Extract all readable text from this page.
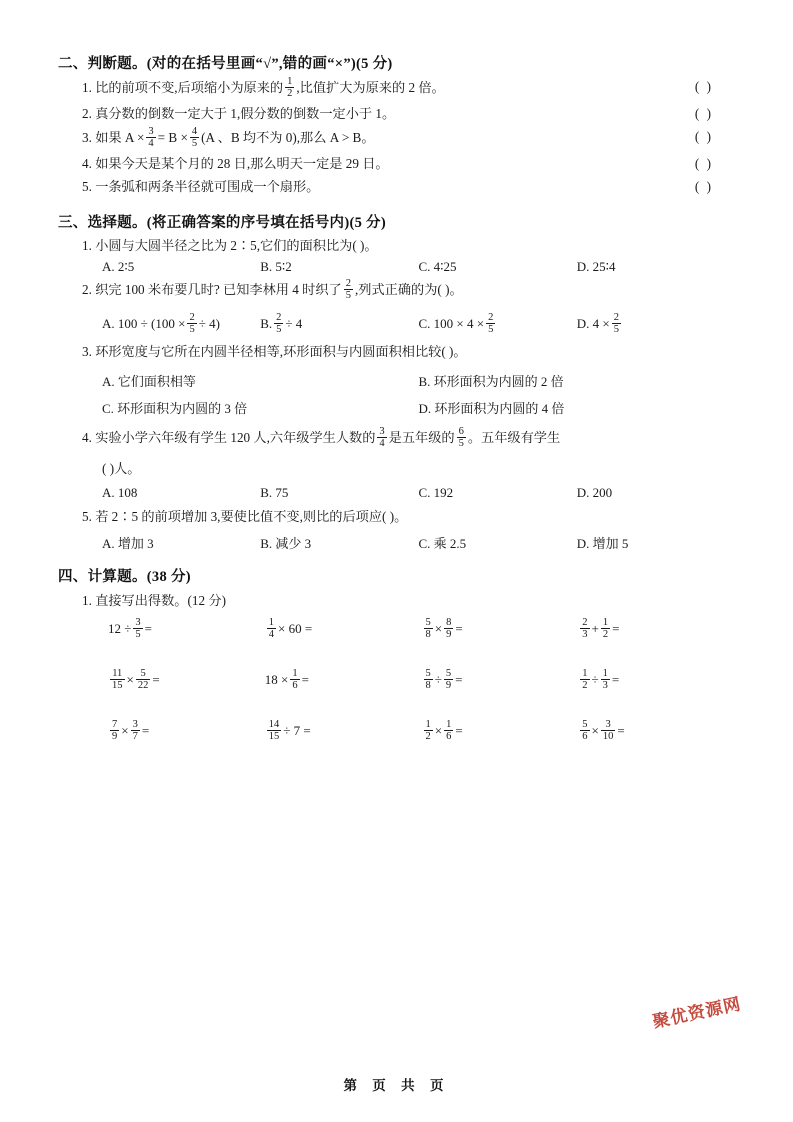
二、判断题。(对的在括号里画“√”,错的画“×”)(5 分)
1. 比的前项不变,后项缩小为原来的 $\frac{1}{2}$ ,比值扩大为原来的 2 倍。	( )
2. 真分数的倒数一定大于 1,假分数的倒数一定小于 1。	( )
3. 如果 $A \times \frac{3}{4} = B \times \frac{4}{5} (A$ 、B 均不为 0),那么 A > B。	( )
4. 如果今天是某个月的 28 日,那么明天一定是 29 日。	( )
5. 一条弧和两条半径就可围成一个扇形。	( )
三、选择题。(将正确答案的序号填在括号内)(5 分)
1. 小圆与大圆半径之比为 2∶5,它们的面积比为( )。
A. 2∶5	B. 5∶2	C. 4∶25	D. 25∶4
2. 织完 100 米布要几时? 已知李林用 4 时织了 $\frac{2}{5}$ ,列式正确的为( )。
A. $100 \div (100 \times \frac{2}{5} \div 4)$	B. $\frac{2}{5} \div 4$	C. $100 \times 4 \times \frac{2}{5}$	D. $4 \times \frac{2}{5}$
3. 环形宽度与它所在内圆半径相等,环形面积与内圆面积相比较( )。
A. 它们面积相等	B. 环形面积为内圆的 2 倍
C. 环形面积为内圆的 3 倍	D. 环形面积为内圆的 4 倍
4. 实验小学六年级有学生 120 人,六年级学生人数的 $\frac{3}{4}$ 是五年级的 $\frac{6}{5}$ 。五年级有学生
( )人。
A. 108	B. 75	C. 192	D. 200
5. 若 2∶5 的前项增加 3,要使比值不变,则比的后项应( )。
A. 增加 3	B. 减少 3	C. 乘 2.5	D. 增加 5
四、计算题。(38 分)
1. 直接写出得数。(12 分)
$12 \div \frac{3}{5}$ =	$\frac{1}{4} \times 60$ =	$\frac{5}{8} \times \frac{8}{9}$ =	$\frac{2}{3} + \frac{1}{2}$ =
$\frac{11}{15} \times \frac{5}{22}$ =	$18 \times \frac{1}{6}$ =	$\frac{5}{8} \div \frac{5}{9}$ =	$\frac{1}{2} \div \frac{1}{3}$ =
$\frac{7}{9} \times \frac{3}{7}$ =	$\frac{14}{15} \div 7$ =	$\frac{1}{2} \times \frac{1}{6}$ =	$\frac{5}{6} \times \frac{3}{10}$ =
聚优资源网
第 页 共 页
